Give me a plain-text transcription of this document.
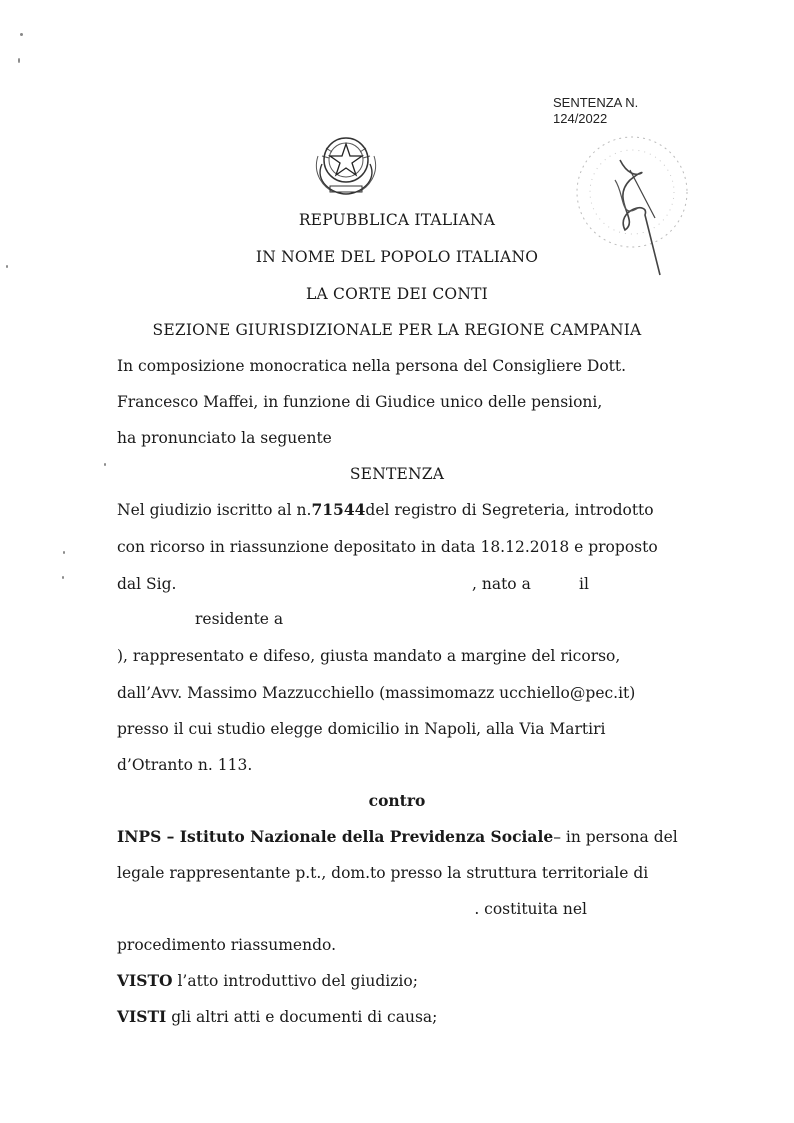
SENTENZA N.
124/2022
REPUBBLICA ITALIANA
IN NOME DEL POPOLO ITALIANO
LA CORTE DEI CONTI
SEZIONE GIURISDIZIONALE PER LA REGIONE CAMPANIA
In composizione monocratica nella persona del Consigliere Dott.
Francesco Maffei, in funzione di Giudice unico delle pensioni,
ha pronunciato la seguente
SENTENZA
Nel giudizio iscritto al n. 71544 del registro di Segreteria, introdotto
con ricorso in riassunzione depositato in data 18.12.2018 e proposto
dal Sig.	, nato a	il
residente a
), rappresentato e difeso, giusta mandato a margine del ricorso,
dall’Avv. Massimo Mazzucchiello (massimomazz ucchiello@pec.it)
presso il cui studio elegge domicilio in Napoli, alla Via Martiri
d’Otranto n. 113.
contro
INPS – Istituto Nazionale della Previdenza Sociale – in persona del
legale rappresentante p.t., dom.to presso la struttura territoriale di
. costituita nel
procedimento riassumendo.
VISTO l’atto introduttivo del giudizio;
VISTI gli altri atti e documenti di causa;
